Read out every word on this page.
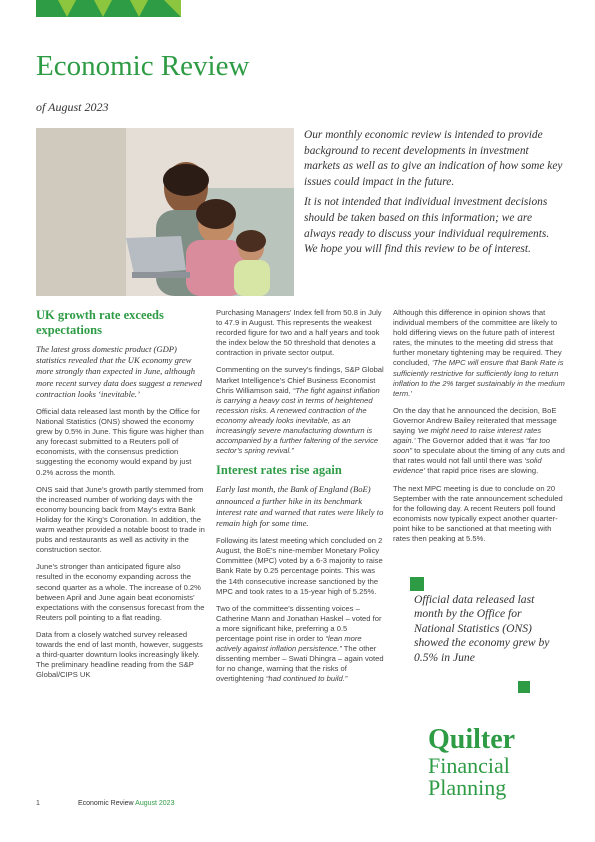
Economic Review
of August 2023

Our monthly economic review is intended to provide background to recent developments in investment markets as well as to give an indication of how some key issues could impact in the future.

It is not intended that individual investment decisions should be taken based on this information; we are always ready to discuss your individual requirements. We hope you will find this review to be of interest.

UK growth rate exceeds expectations

The latest gross domestic product (GDP) statistics revealed that the UK economy grew more strongly than expected in June, although more recent survey data does suggest a renewed contraction looks ‘inevitable.’

Official data released last month by the Office for National Statistics (ONS) showed the economy grew by 0.5% in June. This figure was higher than any forecast submitted to a Reuters poll of economists, with the consensus prediction suggesting the economy would expand by just 0.2% across the month.

ONS said that June’s growth partly stemmed from the increased number of working days with the economy bouncing back from May’s extra Bank Holiday for the King’s Coronation. In addition, the warm weather provided a notable boost to trade in pubs and restaurants as well as activity in the construction sector.

June’s stronger than anticipated figure also resulted in the economy expanding across the second quarter as a whole. The increase of 0.2% between April and June again beat economists’ expectations with the consensus forecast from the Reuters poll pointing to a flat reading.

Data from a closely watched survey released towards the end of last month, however, suggests a third-quarter downturn looks increasingly likely. The preliminary headline reading from the S&P Global/CIPS UK

Purchasing Managers’ Index fell from 50.8 in July to 47.9 in August. This represents the weakest recorded figure for two and a half years and took the index below the 50 threshold that denotes a contraction in private sector output.

Commenting on the survey’s findings, S&P Global Market Intelligence’s Chief Business Economist Chris Williamson said, “The fight against inflation is carrying a heavy cost in terms of heightened recession risks. A renewed contraction of the economy already looks inevitable, as an increasingly severe manufacturing downturn is accompanied by a further faltering of the service sector’s spring revival.”

Interest rates rise again

Early last month, the Bank of England (BoE) announced a further hike in its benchmark interest rate and warned that rates were likely to remain high for some time.

Following its latest meeting which concluded on 2 August, the BoE’s nine-member Monetary Policy Committee (MPC) voted by a 6-3 majority to raise Bank Rate by 0.25 percentage points. This was the 14th consecutive increase sanctioned by the MPC and took rates to a 15-year high of 5.25%.

Two of the committee’s dissenting voices – Catherine Mann and Jonathan Haskel – voted for a more significant hike, preferring a 0.5 percentage point rise in order to “lean more actively against inflation persistence.” The other dissenting member – Swati Dhingra – again voted for no change, warning that the risks of overtightening “had continued to build.”

Although this difference in opinion shows that individual members of the committee are likely to hold differing views on the future path of interest rates, the minutes to the meeting did stress that further monetary tightening may be required. They concluded, ‘The MPC will ensure that Bank Rate is sufficiently restrictive for sufficiently long to return inflation to the 2% target sustainably in the medium term.’

On the day that he announced the decision, BoE Governor Andrew Bailey reiterated that message saying ‘we might need to raise interest rates again.’ The Governor added that it was “far too soon” to speculate about the timing of any cuts and that rates would not fall until there was ‘solid evidence’ that rapid price rises are slowing.

The next MPC meeting is due to conclude on 20 September with the rate announcement scheduled for the following day. A recent Reuters poll found economists now typically expect another quarter-point hike to be sanctioned at that meeting with rates then peaking at 5.5%.

Official data released last month by the Office for National Statistics (ONS) showed the economy grew by 0.5% in June
Quilter
Financial
Planning
1	Economic Review August 2023
